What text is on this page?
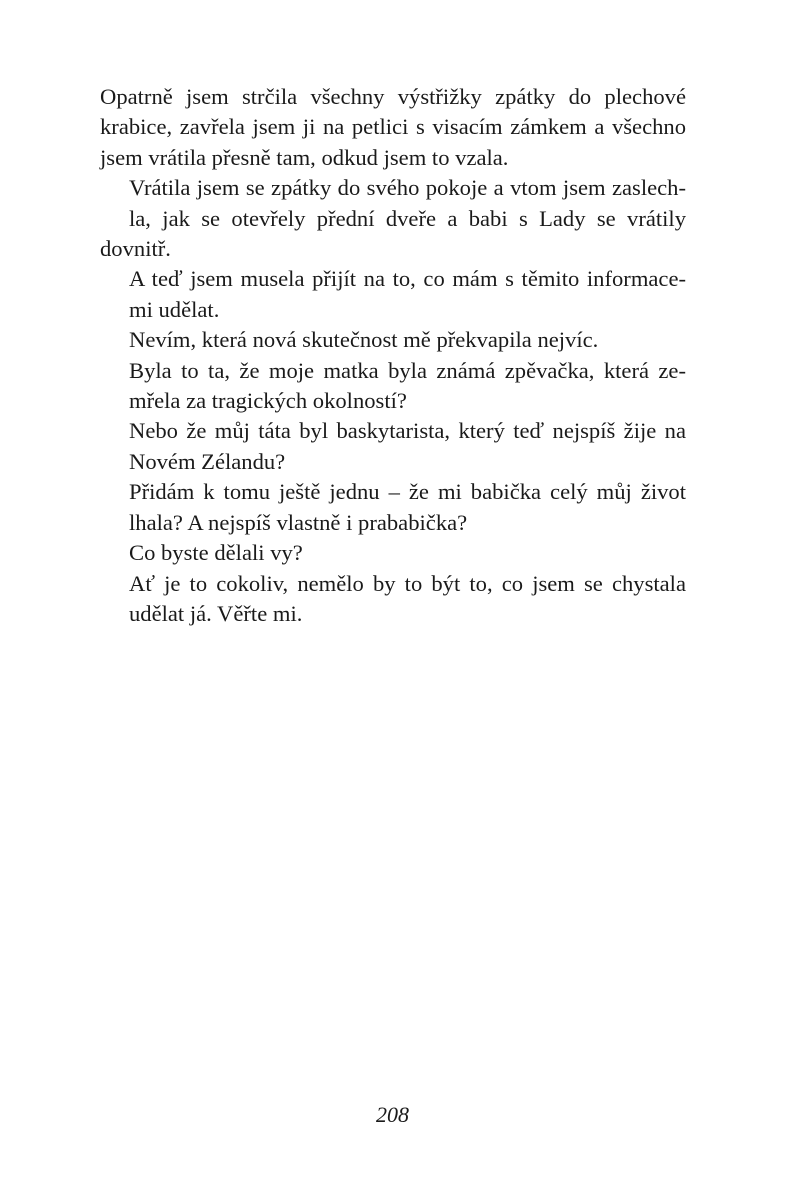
Opatrně jsem strčila všechny výstřižky zpátky do plechové
krabice, zavřela jsem ji na petlici s visacím zámkem a všechno
jsem vrátila přesně tam, odkud jsem to vzala.

Vrátila jsem se zpátky do svého pokoje a vtom jsem zaslech-
la, jak se otevřely přední dveře a babi s Lady se vrátily dovnitř.

A teď jsem musela přijít na to, co mám s těmito informace-
mi udělat.

Nevím, která nová skutečnost mě překvapila nejvíc.

Byla to ta, že moje matka byla známá zpěvačka, která ze-
mřela za tragických okolností?

Nebo že můj táta byl baskytarista, který teď nejspíš žije na
Novém Zélandu?

Přidám k tomu ještě jednu – že mi babička celý můj život
lhala? A nejspíš vlastně i prababička?

Co byste dělali vy?

Ať je to cokoliv, nemělo by to být to, co jsem se chystala
udělat já. Věřte mi.

208
